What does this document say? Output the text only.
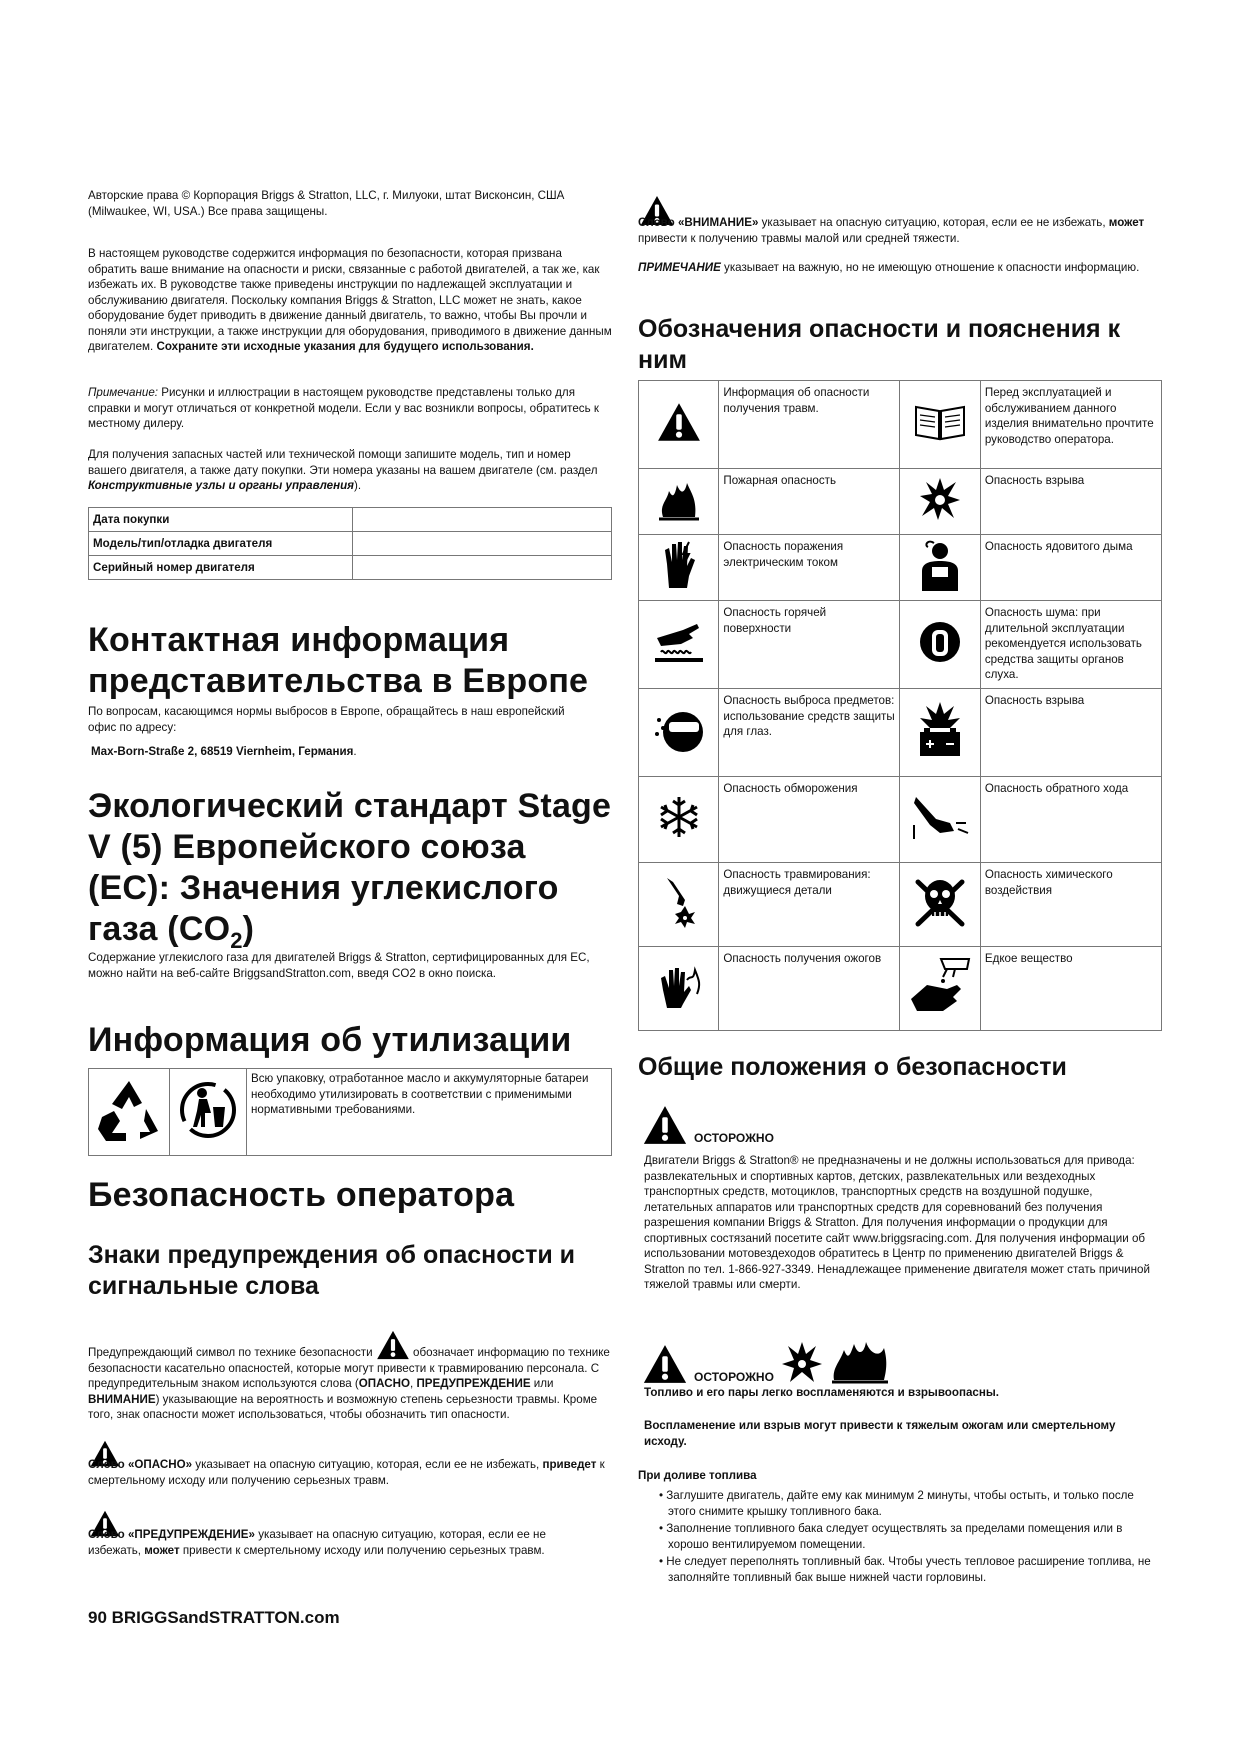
Авторские права © Корпорация Briggs & Stratton, LLC, г. Милуоки, штат Висконсин, США (Milwaukee, WI, USA.) Все права защищены.

В настоящем руководстве содержится информация по безопасности, которая призвана обратить ваше внимание на опасности и риски, связанные с работой двигателей, а так же, как избежать их. В руководстве также приведены инструкции по надлежащей эксплуатации и обслуживанию двигателя. Поскольку компания Briggs & Stratton, LLC может не знать, какое оборудование будет приводить в движение данный двигатель, то важно, чтобы Вы прочли и поняли эти инструкции, а также инструкции для оборудования, приводимого в движение данным двигателем. Сохраните эти исходные указания для будущего использования.

Примечание: Рисунки и иллюстрации в настоящем руководстве представлены только для справки и могут отличаться от конкретной модели. Если у вас возникли вопросы, обратитесь к местному дилеру.

Для получения запасных частей или технической помощи запишите модель, тип и номер вашего двигателя, а также дату покупки. Эти номера указаны на вашем двигателе (см. раздел Конструктивные узлы и органы управления).

Дата покупки	
Модель/тип/отладка двигателя	
Серийный номер двигателя	
Контактная информация представительства в Европе

По вопросам, касающимся нормы выбросов в Европе, обращайтесь в наш европейский офис по адресу:

Max-Born-Straße 2, 68519 Viernheim, Германия.

Экологический стандарт Stage V (5) Европейского союза (ЕС): Значения углекислого газа $(CO_2)$

Содержание углекислого газа для двигателей Briggs & Stratton, сертифицированных для ЕС, можно найти на веб-сайте BriggsandStratton.com, введя CO2 в окно поиска.

Информация об утилизации
		Всю упаковку, отработанное масло и аккумуляторные батареи необходимо утилизировать в соответствии с применимыми нормативными требованиями.
Безопасность оператора
Знаки предупреждения об опасности и сигнальные слова

Предупреждающий символ по технике безопасности	обозначает информацию по технике безопасности касательно опасностей, которые могут привести к травмированию персонала. С предупредительным знаком используются слова (ОПАСНО, ПРЕДУПРЕЖДЕНИЕ или ВНИМАНИЕ) указывающие на вероятность и возможную степень серьезности травмы. Кроме того, знак опасности может использоваться, чтобы обозначить тип опасности.

Слово «ОПАСНО» указывает на опасную ситуацию, которая, если ее не избежать, приведет к смертельному исходу или получению серьезных травм.

Слово «ПРЕДУПРЕЖДЕНИЕ» указывает на опасную ситуацию, которая, если ее не избежать, может привести к смертельному исходу или получению серьезных травм.

90 BRIGGSandSTRATTON.com

Слово «ВНИМАНИЕ» указывает на опасную ситуацию, которая, если ее не избежать, может привести к получению травмы малой или средней тяжести.

ПРИМЕЧАНИЕ указывает на важную, но не имеющую отношение к опасности информацию.

Обозначения опасности и пояснения к ним
	Информация об опасности получения травм.		Перед эксплуатацией и обслуживанием данного изделия внимательно прочтите руководство оператора.
	Пожарная опасность		Опасность взрыва
	Опасность поражения электрическим током		Опасность ядовитого дыма
	Опасность горячей поверхности		Опасность шума: при длительной эксплуатации рекомендуется использовать средства защиты органов слуха.
	Опасность выброса предметов: использование средств защиты для глаз.		Опасность взрыва
	Опасность обморожения		Опасность обратного хода
	Опасность травмирования: движущиеся детали		Опасность химического воздействия
	Опасность получения ожогов		Едкое вещество
Общие положения о безопасности
ОСТОРОЖНО

Двигатели Briggs & Stratton® не предназначены и не должны использоваться для привода: развлекательных и спортивных картов, детских, развлекательных или вездеходных транспортных средств, мотоциклов, транспортных средств на воздушной подушке, летательных аппаратов или транспортных средств для соревнований без получения разрешения компании Briggs & Stratton. Для получения информации о продукции для спортивных состязаний посетите сайт www.briggsracing.com. Для получения информации об использовании мотовездеходов обратитесь в Центр по применению двигателей Briggs & Stratton по тел. 1-866-927-3349. Ненадлежащее применение двигателя может стать причиной тяжелой травмы или смерти.

ОСТОРОЖНО

Топливо и его пары легко воспламеняются и взрывоопасны.

Воспламенение или взрыв могут привести к тяжелым ожогам или смертельному исходу.

При доливе топлива

• Заглушите двигатель, дайте ему как минимум 2 минуты, чтобы остыть, и только после этого снимите крышку топливного бака.
• Заполнение топливного бака следует осуществлять за пределами помещения или в хорошо вентилируемом помещении.
• Не следует переполнять топливный бак. Чтобы учесть тепловое расширение топлива, не заполняйте топливный бак выше нижней части горловины.
